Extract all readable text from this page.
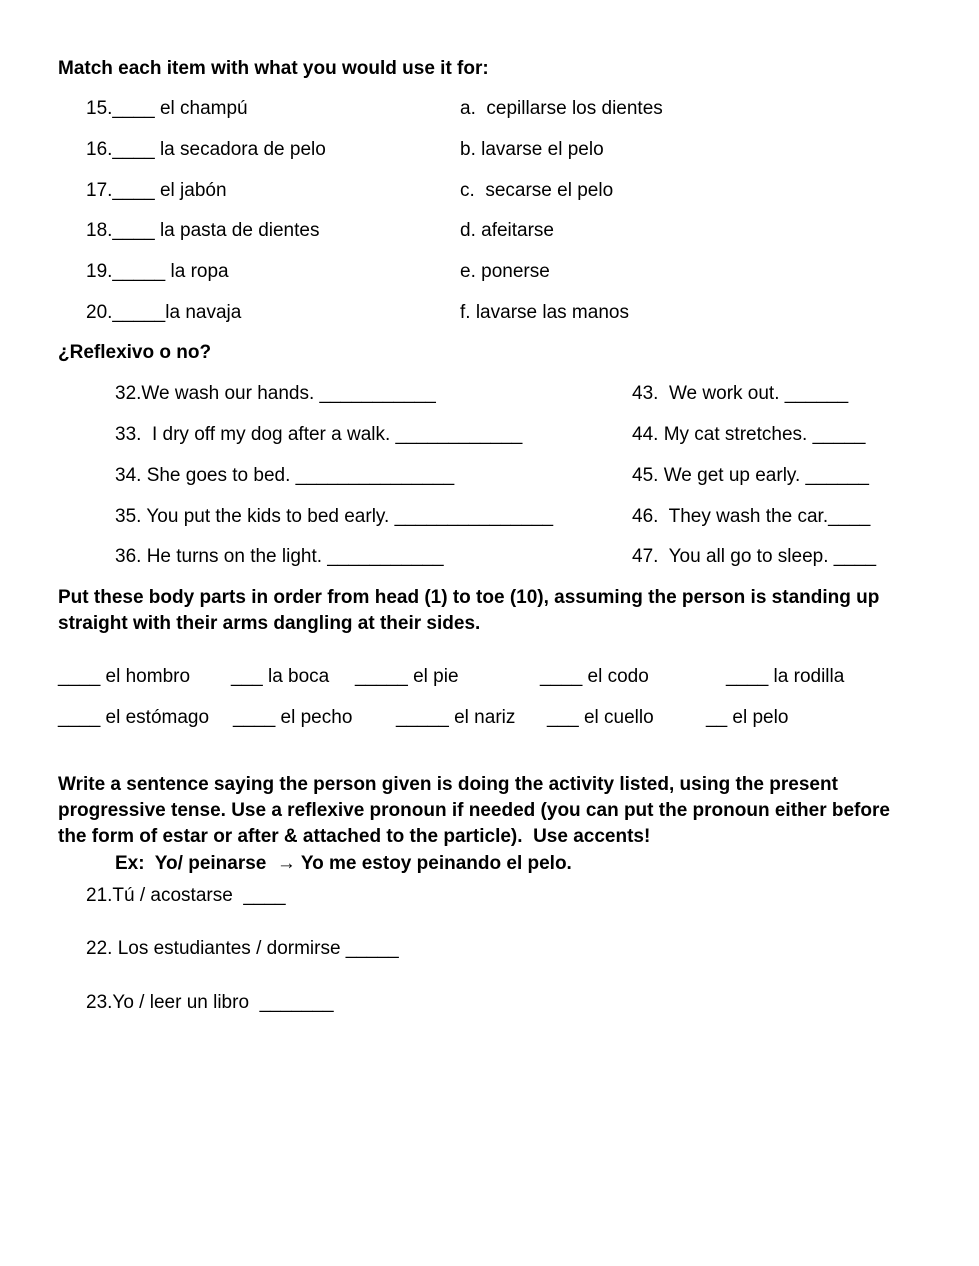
Match each item with what you would use it for:
15.____ el champú	a.  cepillarse los dientes
16.____ la secadora de pelo	b. lavarse el pelo
17.____ el jabón	c.  secarse el pelo
18.____ la pasta de dientes	d. afeitarse
19._____ la ropa	e. ponerse
20._____la navaja	f. lavarse las manos
¿Reflexivo o no?
32.We wash our hands. ___________	43.  We work out. ______
33.  I dry off my dog after a walk. ____________	44. My cat stretches. _____
34. She goes to bed. _______________	45. We get up early. ______
35. You put the kids to bed early. _______________	46.  They wash the car.____
36. He turns on the light. ___________	47.  You all go to sleep. ____
Put these body parts in order from head (1) to toe (10), assuming the person is standing up
straight with their arms dangling at their sides.
____ el hombro ___ la boca _____ el pie	____ el codo	____ la rodilla
____ el estómago ____ el pecho _____ el nariz ___ el cuello	__ el pelo
Write a sentence saying the person given is doing the activity listed, using the present
progressive tense. Use a reflexive pronoun if needed (you can put the pronoun either before
the form of estar or after & attached to the particle).  Use accents!
Ex:  Yo/ peinarse  → Yo me estoy peinando el pelo.
21.Tú / acostarse  ____
22. Los estudiantes / dormirse _____
23.Yo / leer un libro  _______
